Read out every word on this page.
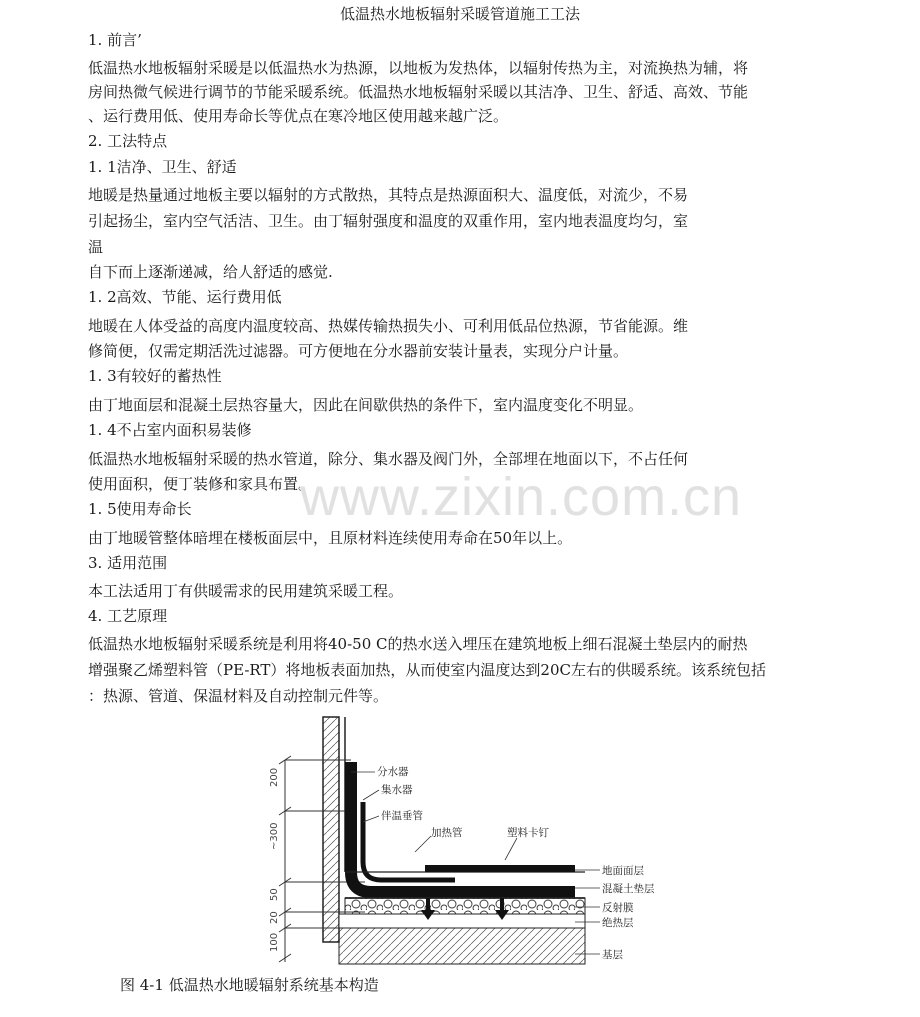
低温热水地板辐射采暖管道施工工法
1. 前言’
低温热水地板辐射采暖是以低温热水为热源，以地板为发热体，以辐射传热为主，对流换热为辅，将
房间热微气候进行调节的节能采暖系统。低温热水地板辐射采暖以其洁净、卫生、舒适、高效、节能
、运行费用低、使用寿命长等优点在寒冷地区使用越来越广泛。
2. 工法特点
1. 1洁净、卫生、舒适
地暖是热量通过地板主要以辐射的方式散热，其特点是热源面积大、温度低，对流少，不易
引起扬尘，室内空气活洁、卫生。由丁辐射强度和温度的双重作用，室内地表温度均匀，室
温
自下而上逐渐递减，给人舒适的感觉.
1. 2高效、节能、运行费用低
地暖在人体受益的高度内温度较高、热媒传输热损失小、可利用低品位热源，节省能源。维
修简便，仅需定期活洗过滤器。可方便地在分水器前安装计量表，实现分户计量。
1. 3有较好的蓄热性
由丁地面层和混凝土层热容量大，因此在间歇供热的条件下，室内温度变化不明显。
1. 4不占室内面积易装修
低温热水地板辐射采暖的热水管道，除分、集水器及阀门外，全部埋在地面以下，不占任何
使用面积，便丁装修和家具布置。
1. 5使用寿命长
由丁地暖管整体暗埋在楼板面层中，且原材料连续使用寿命在50年以上。
3. 适用范围
本工法适用丁有供暖需求的民用建筑采暖工程。
4. 工艺原理
低温热水地板辐射采暖系统是利用将40-50 C的热水送入埋压在建筑地板上细石混凝土垫层内的耐热
增强聚乙烯塑料管（PE-RT）将地板表面加热，从而使室内温度达到20C左右的供暖系统。该系统包括
：热源、管道、保温材料及自动控制元件等。
www.zixin.com.cn
200
~300
50
20
100
分水器
集水器
伴温垂管
加热管	塑料卡钉
地面面层
混凝土垫层
反射膜
绝热层
基层
图 4-1 低温热水地暖辐射系统基本构造
